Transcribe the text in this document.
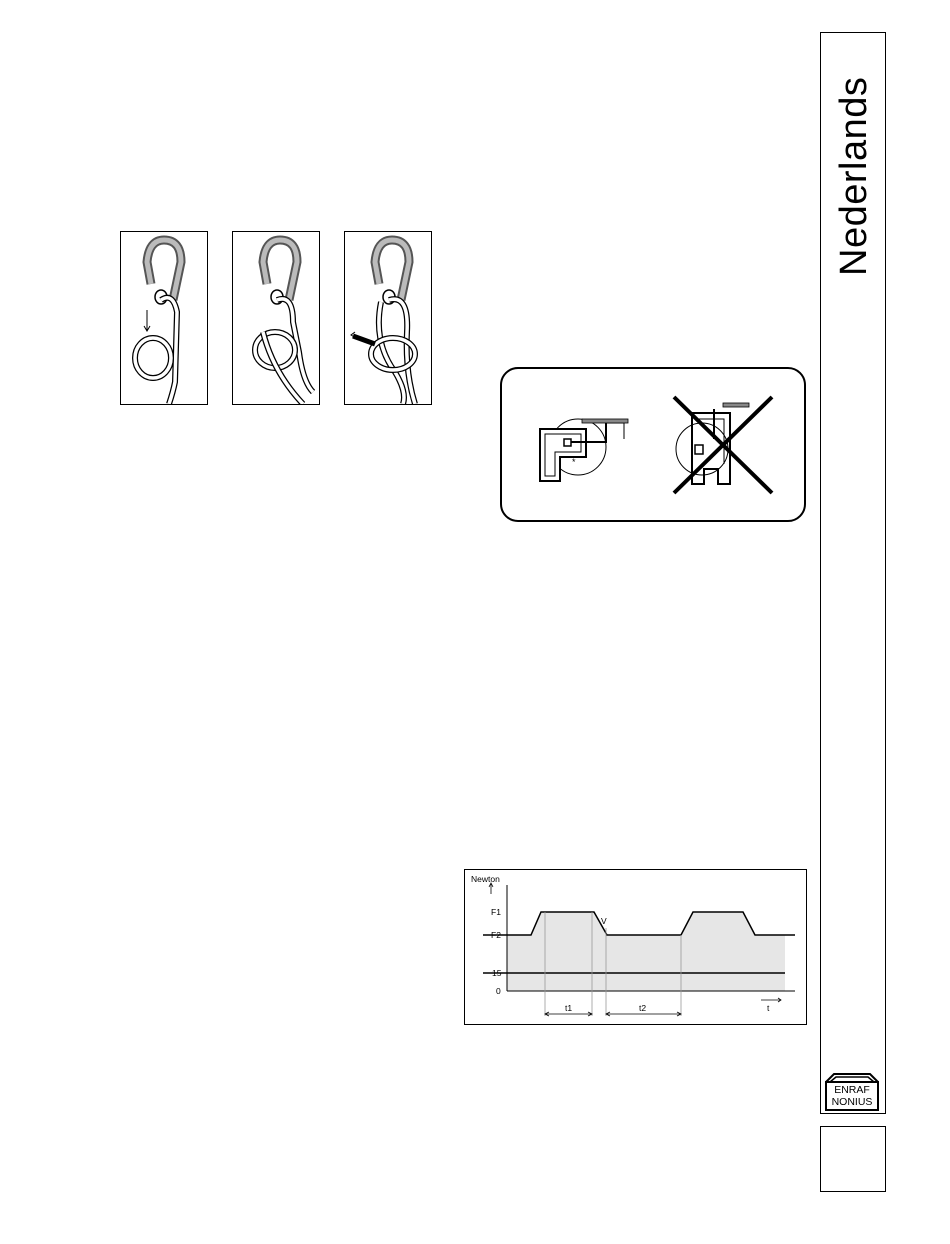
Nederlands
ENRAF
NONIUS
*
Newton
F1
F2
15
0
V
t1	t2	t
